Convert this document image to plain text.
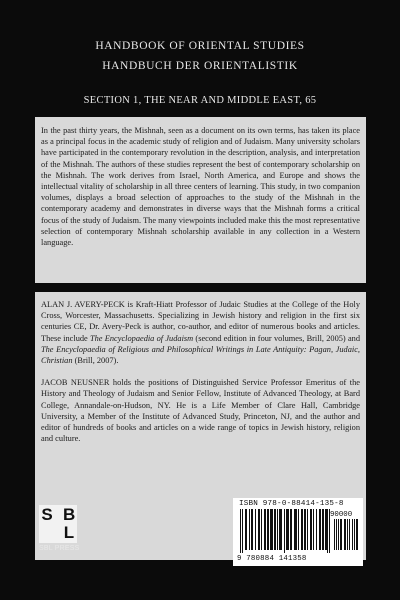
HANDBOOK OF ORIENTAL STUDIES
HANDBUCH DER ORIENTALISTIK
SECTION 1, THE NEAR AND MIDDLE EAST, 65

In the past thirty years, the Mishnah, seen as a document on its own terms, has taken its place as a principal focus in the academic study of religion and of Judaism. Many university scholars have participated in the contemporary revolution in the description, analysis, and interpretation of the Mishnah. The authors of these studies represent the best of contemporary scholarship on the Mishnah. The work derives from Israel, North America, and Europe and shows the intellectual vitality of scholarship in all three centers of learning. This study, in two companion volumes, displays a broad selection of approaches to the study of the Mishnah in the contemporary academy and demonstrates in diverse ways that the Mishnah forms a critical focus of the study of Judaism. The many viewpoints included make this the most representative selection of contemporary Mishnah scholarship available in any collection in a Western language.

ALAN J. AVERY-PECK is Kraft-Hiatt Professor of Judaic Studies at the College of the Holy Cross, Worcester, Massachusetts. Specializing in Jewish history and religion in the first six centuries CE, Dr. Avery-Peck is author, co-author, and editor of numerous books and articles. These include The Encyclopaedia of Judaism (second edition in four volumes, Brill, 2005) and The Encyclopaedia of Religious and Philosophical Writings in Late Antiquity: Pagan, Judaic, Christian (Brill, 2007).

JACOB NEUSNER holds the positions of Distinguished Service Professor Emeritus of the History and Theology of Judaism and Senior Fellow, Institute of Advanced Theology, at Bard College, Annandale-on-Hudson, NY. He is a Life Member of Clare Hall, Cambridge University, a Member of the Institute of Advanced Study, Princeton, NJ, and the author and editor of hundreds of books and articles on a wide range of topics in Jewish history, religion and culture.

S B
L
SBL PRESS
ISBN 978-0-88414-135-8
90000
9 780884 141358
